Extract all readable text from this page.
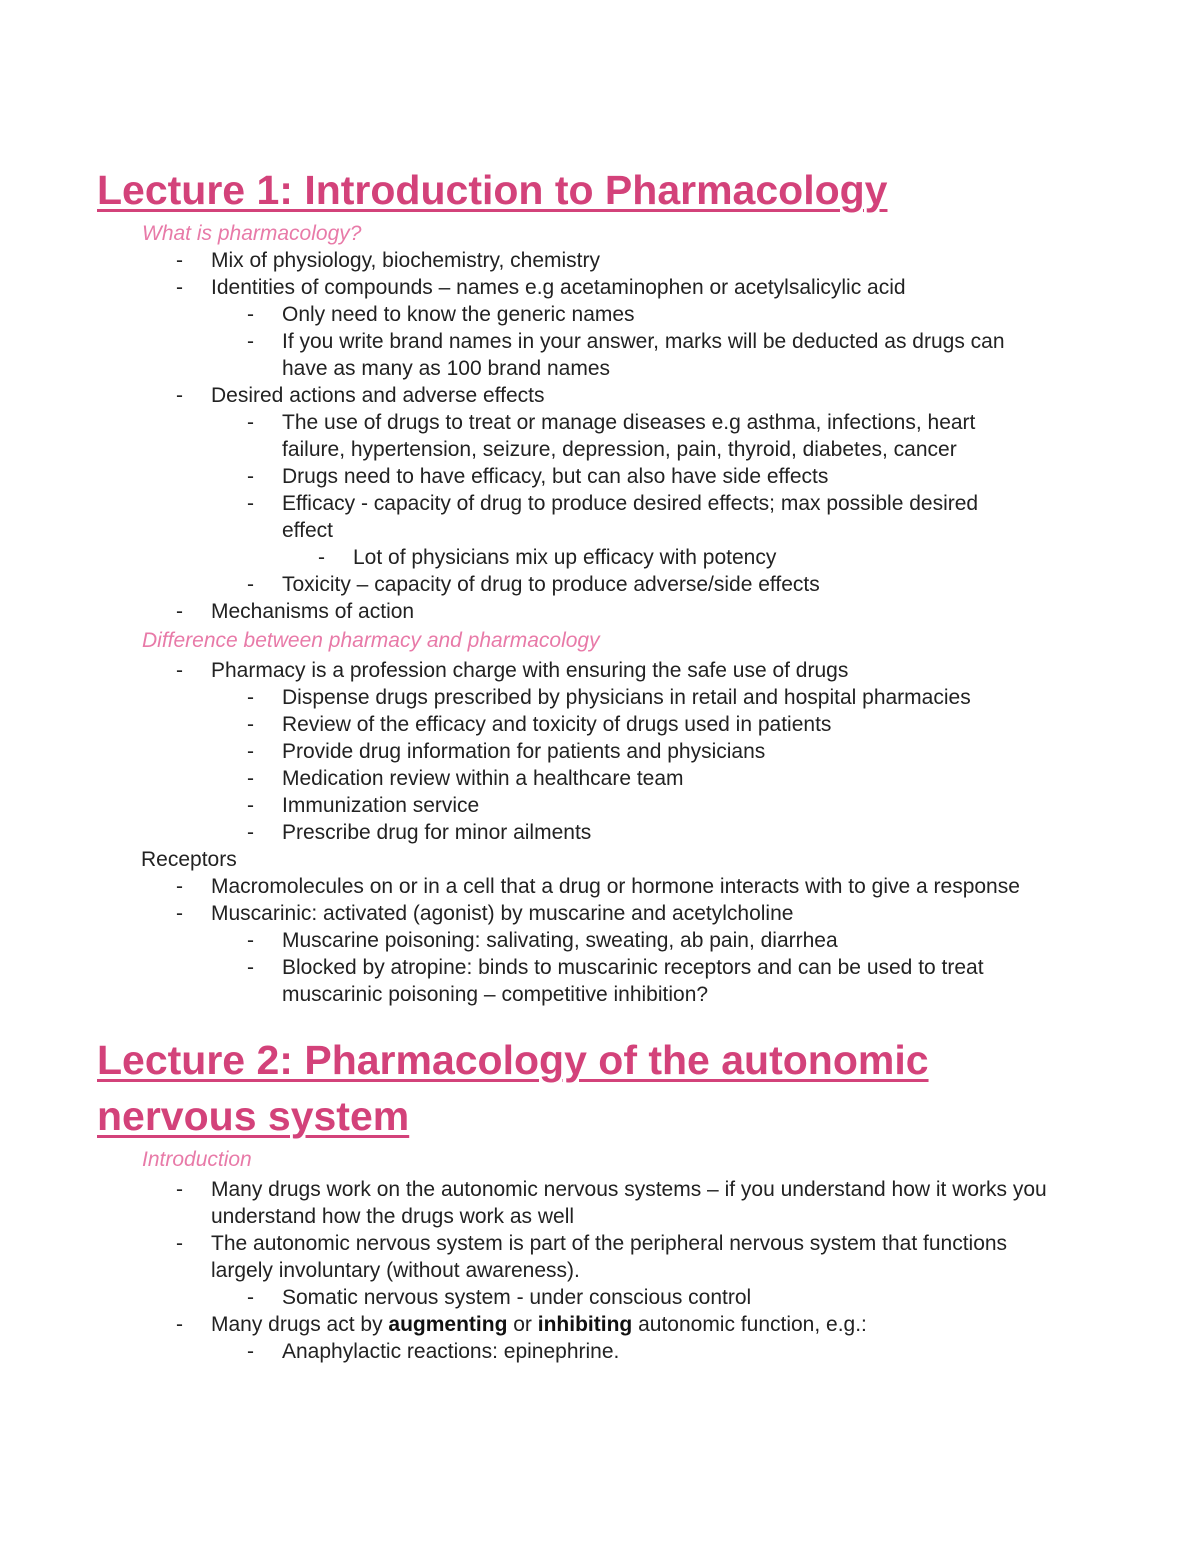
Lecture 1: Introduction to Pharmacology
What is pharmacology?
- Mix of physiology, biochemistry, chemistry
- Identities of compounds – names e.g acetaminophen or acetylsalicylic acid
- Only need to know the generic names
- If you write brand names in your answer, marks will be deducted as drugs can have as many as 100 brand names
- Desired actions and adverse effects
- The use of drugs to treat or manage diseases e.g asthma, infections, heart failure, hypertension, seizure, depression, pain, thyroid, diabetes, cancer
- Drugs need to have efficacy, but can also have side effects
- Efficacy - capacity of drug to produce desired effects; max possible desired effect
- Lot of physicians mix up efficacy with potency
- Toxicity – capacity of drug to produce adverse/side effects
- Mechanisms of action
Difference between pharmacy and pharmacology
- Pharmacy is a profession charge with ensuring the safe use of drugs
- Dispense drugs prescribed by physicians in retail and hospital pharmacies
- Review of the efficacy and toxicity of drugs used in patients
- Provide drug information for patients and physicians
- Medication review within a healthcare team
- Immunization service
- Prescribe drug for minor ailments
Receptors
- Macromolecules on or in a cell that a drug or hormone interacts with to give a response
- Muscarinic: activated (agonist) by muscarine and acetylcholine
- Muscarine poisoning: salivating, sweating, ab pain, diarrhea
- Blocked by atropine: binds to muscarinic receptors and can be used to treat muscarinic poisoning – competitive inhibition?
Lecture 2: Pharmacology of the autonomic nervous system
Introduction
- Many drugs work on the autonomic nervous systems – if you understand how it works you understand how the drugs work as well
- The autonomic nervous system is part of the peripheral nervous system that functions largely involuntary (without awareness).
- Somatic nervous system - under conscious control
- Many drugs act by augmenting or inhibiting autonomic function, e.g.:
- Anaphylactic reactions: epinephrine.
